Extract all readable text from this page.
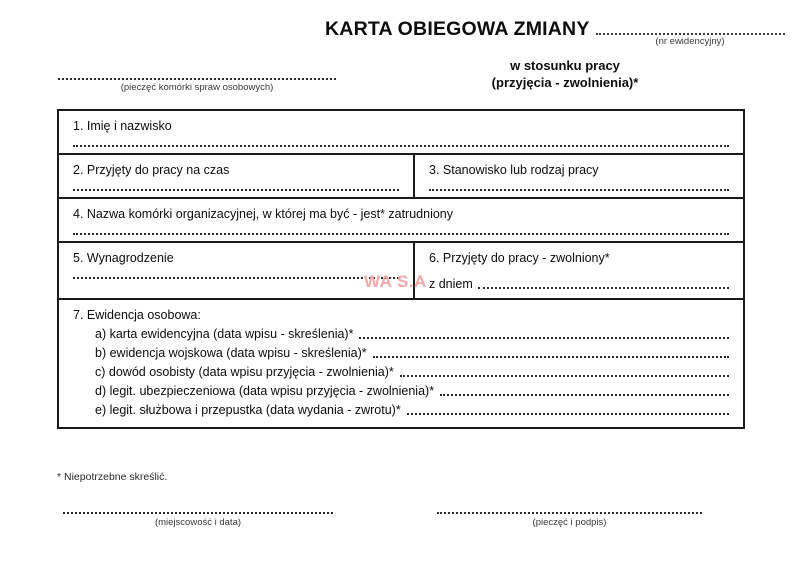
KARTA OBIEGOWA ZMIANY
(nr ewidencyjny)
w stosunku pracy
(przyjęcia - zwolnienia)*
(pieczęć komórki spraw osobowych)
1. Imię i nazwisko
2. Przyjęty do pracy na czas	3. Stanowisko lub rodzaj pracy
4. Nazwa komórki organizacyjnej, w której ma być - jest* zatrudniony
5. Wynagrodzenie	6. Przyjęty do pracy - zwolniony*
z dniem
7. Ewidencja osobowa:
a) karta ewidencyjna (data wpisu - skreślenia)*
b) ewidencja wojskowa (data wpisu - skreślenia)*
c) dowód osobisty (data wpisu przyjęcia - zwolnienia)*
d) legit. ubezpieczeniowa (data wpisu przyjęcia - zwolnienia)*
e) legit. służbowa i przepustka (data wydania - zwrotu)*
WA S.A
* Niepotrzebne skreślić.
(miejscowość i data)	(pieczęć i podpis)
